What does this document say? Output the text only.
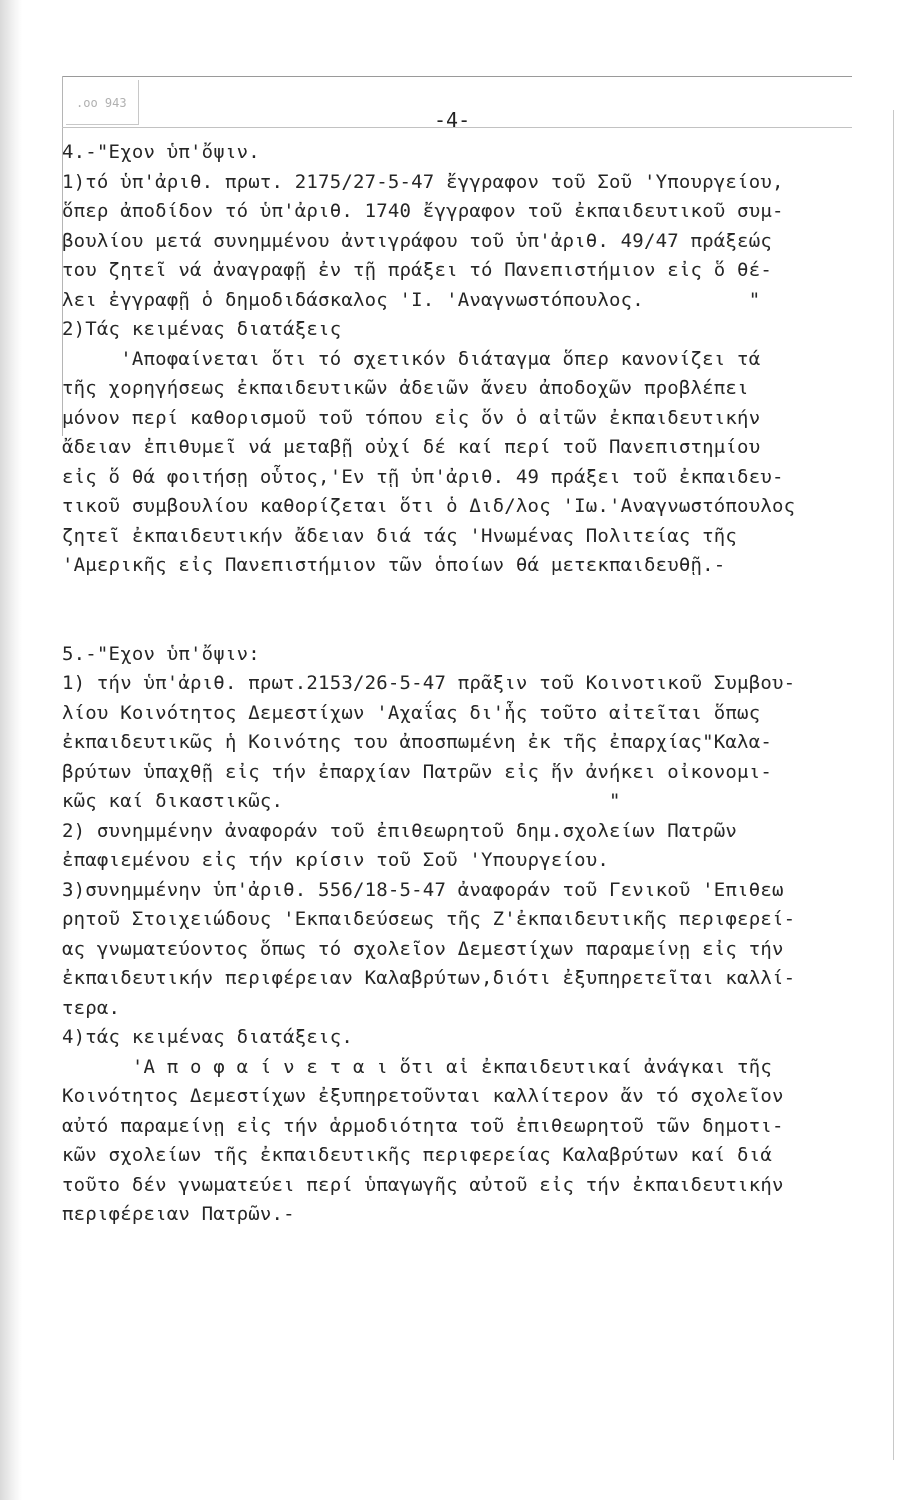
.oo 943
-4-
4.-"Εχον ὑπ'ὄψιν.
1)τό ὑπ'ἀριθ. πρωτ. 2175/27-5-47 ἔγγραφον τοῦ Σοῦ 'Υπουργείου,
ὅπερ ἀποδίδον τό ὑπ'ἀριθ. 1740 ἔγγραφον τοῦ ἐκπαιδευτικοῦ συμ-
βουλίου μετά συνημμένου ἀντιγράφου τοῦ ὑπ'ἀριθ. 49/47 πράξεώς
του ζητεῖ νά ἀναγραφῇ ἐν τῇ πράξει τό Πανεπιστήμιον εἰς ὅ θέ-
λει ἐγγραφῇ ὁ δημοδιδάσκαλος 'Ι. 'Αναγνωστόπουλος.         "
2)Τάς κειμένας διατάξεις
'Αποφαίνεται ὅτι τό σχετικόν διάταγμα ὅπερ κανονίζει τά
τῆς χορηγήσεως ἐκπαιδευτικῶν ἀδειῶν ἄνευ ἀποδοχῶν προβλέπει
μόνον περί καθορισμοῦ τοῦ τόπου εἰς ὅν ὁ αἰτῶν ἐκπαιδευτικήν
ἄδειαν ἐπιθυμεῖ νά μεταβῇ οὐχί δέ καί περί τοῦ Πανεπιστημίου
εἰς ὅ θά φοιτήσῃ οὗτος,'Εν τῇ ὑπ'ἀριθ. 49 πράξει τοῦ ἐκπαιδευ-
τικοῦ συμβουλίου καθορίζεται ὅτι ὁ Διδ/λος 'Ιω.'Αναγνωστόπουλος
ζητεῖ ἐκπαιδευτικήν ἄδειαν διά τάς 'Ηνωμένας Πολιτείας τῆς
'Αμερικῆς εἰς Πανεπιστήμιον τῶν ὁποίων θά μετεκπαιδευθῇ.-
5.-"Εχον ὑπ'ὄψιν:
1) τήν ὑπ'ἀριθ. πρωτ.2153/26-5-47 πρᾶξιν τοῦ Κοινοτικοῦ Συμβου-
λίου Κοινότητος Δεμεστίχων 'Αχαΐας δι'ἧς τοῦτο αἰτεῖται ὅπως
ἐκπαιδευτικῶς ἡ Κοινότης του ἀποσπωμένη ἐκ τῆς ἐπαρχίας"Καλα-
βρύτων ὑπαχθῇ εἰς τήν ἐπαρχίαν Πατρῶν εἰς ἥν ἀνήκει οἰκονομι-
κῶς καί δικαστικῶς.                            "
2) συνημμένην ἀναφοράν τοῦ ἐπιθεωρητοῦ δημ.σχολείων Πατρῶν
ἐπαφιεμένου εἰς τήν κρίσιν τοῦ Σοῦ 'Υπουργείου.
3)συνημμένην ὑπ'ἀριθ. 556/18-5-47 ἀναφοράν τοῦ Γενικοῦ 'Επιθεω
ρητοῦ Στοιχειώδους 'Εκπαιδεύσεως τῆς Ζ'ἐκπαιδευτικῆς περιφερεί-
ας γνωματεύοντος ὅπως τό σχολεῖον Δεμεστίχων παραμείνῃ εἰς τήν
ἐκπαιδευτικήν περιφέρειαν Καλαβρύτων,διότι ἐξυπηρετεῖται καλλί-
τερα.
4)τάς κειμένας διατάξεις.
'Α π ο φ α ί ν ε τ α ι ὅτι αἱ ἐκπαιδευτικαί ἀνάγκαι τῆς
Κοινότητος Δεμεστίχων ἐξυπηρετοῦνται καλλίτερον ἄν τό σχολεῖον
αὐτό παραμείνῃ εἰς τήν ἁρμοδιότητα τοῦ ἐπιθεωρητοῦ τῶν δημοτι-
κῶν σχολείων τῆς ἐκπαιδευτικῆς περιφερείας Καλαβρύτων καί διά
τοῦτο δέν γνωματεύει περί ὑπαγωγῆς αὐτοῦ εἰς τήν ἐκπαιδευτικήν
περιφέρειαν Πατρῶν.-
